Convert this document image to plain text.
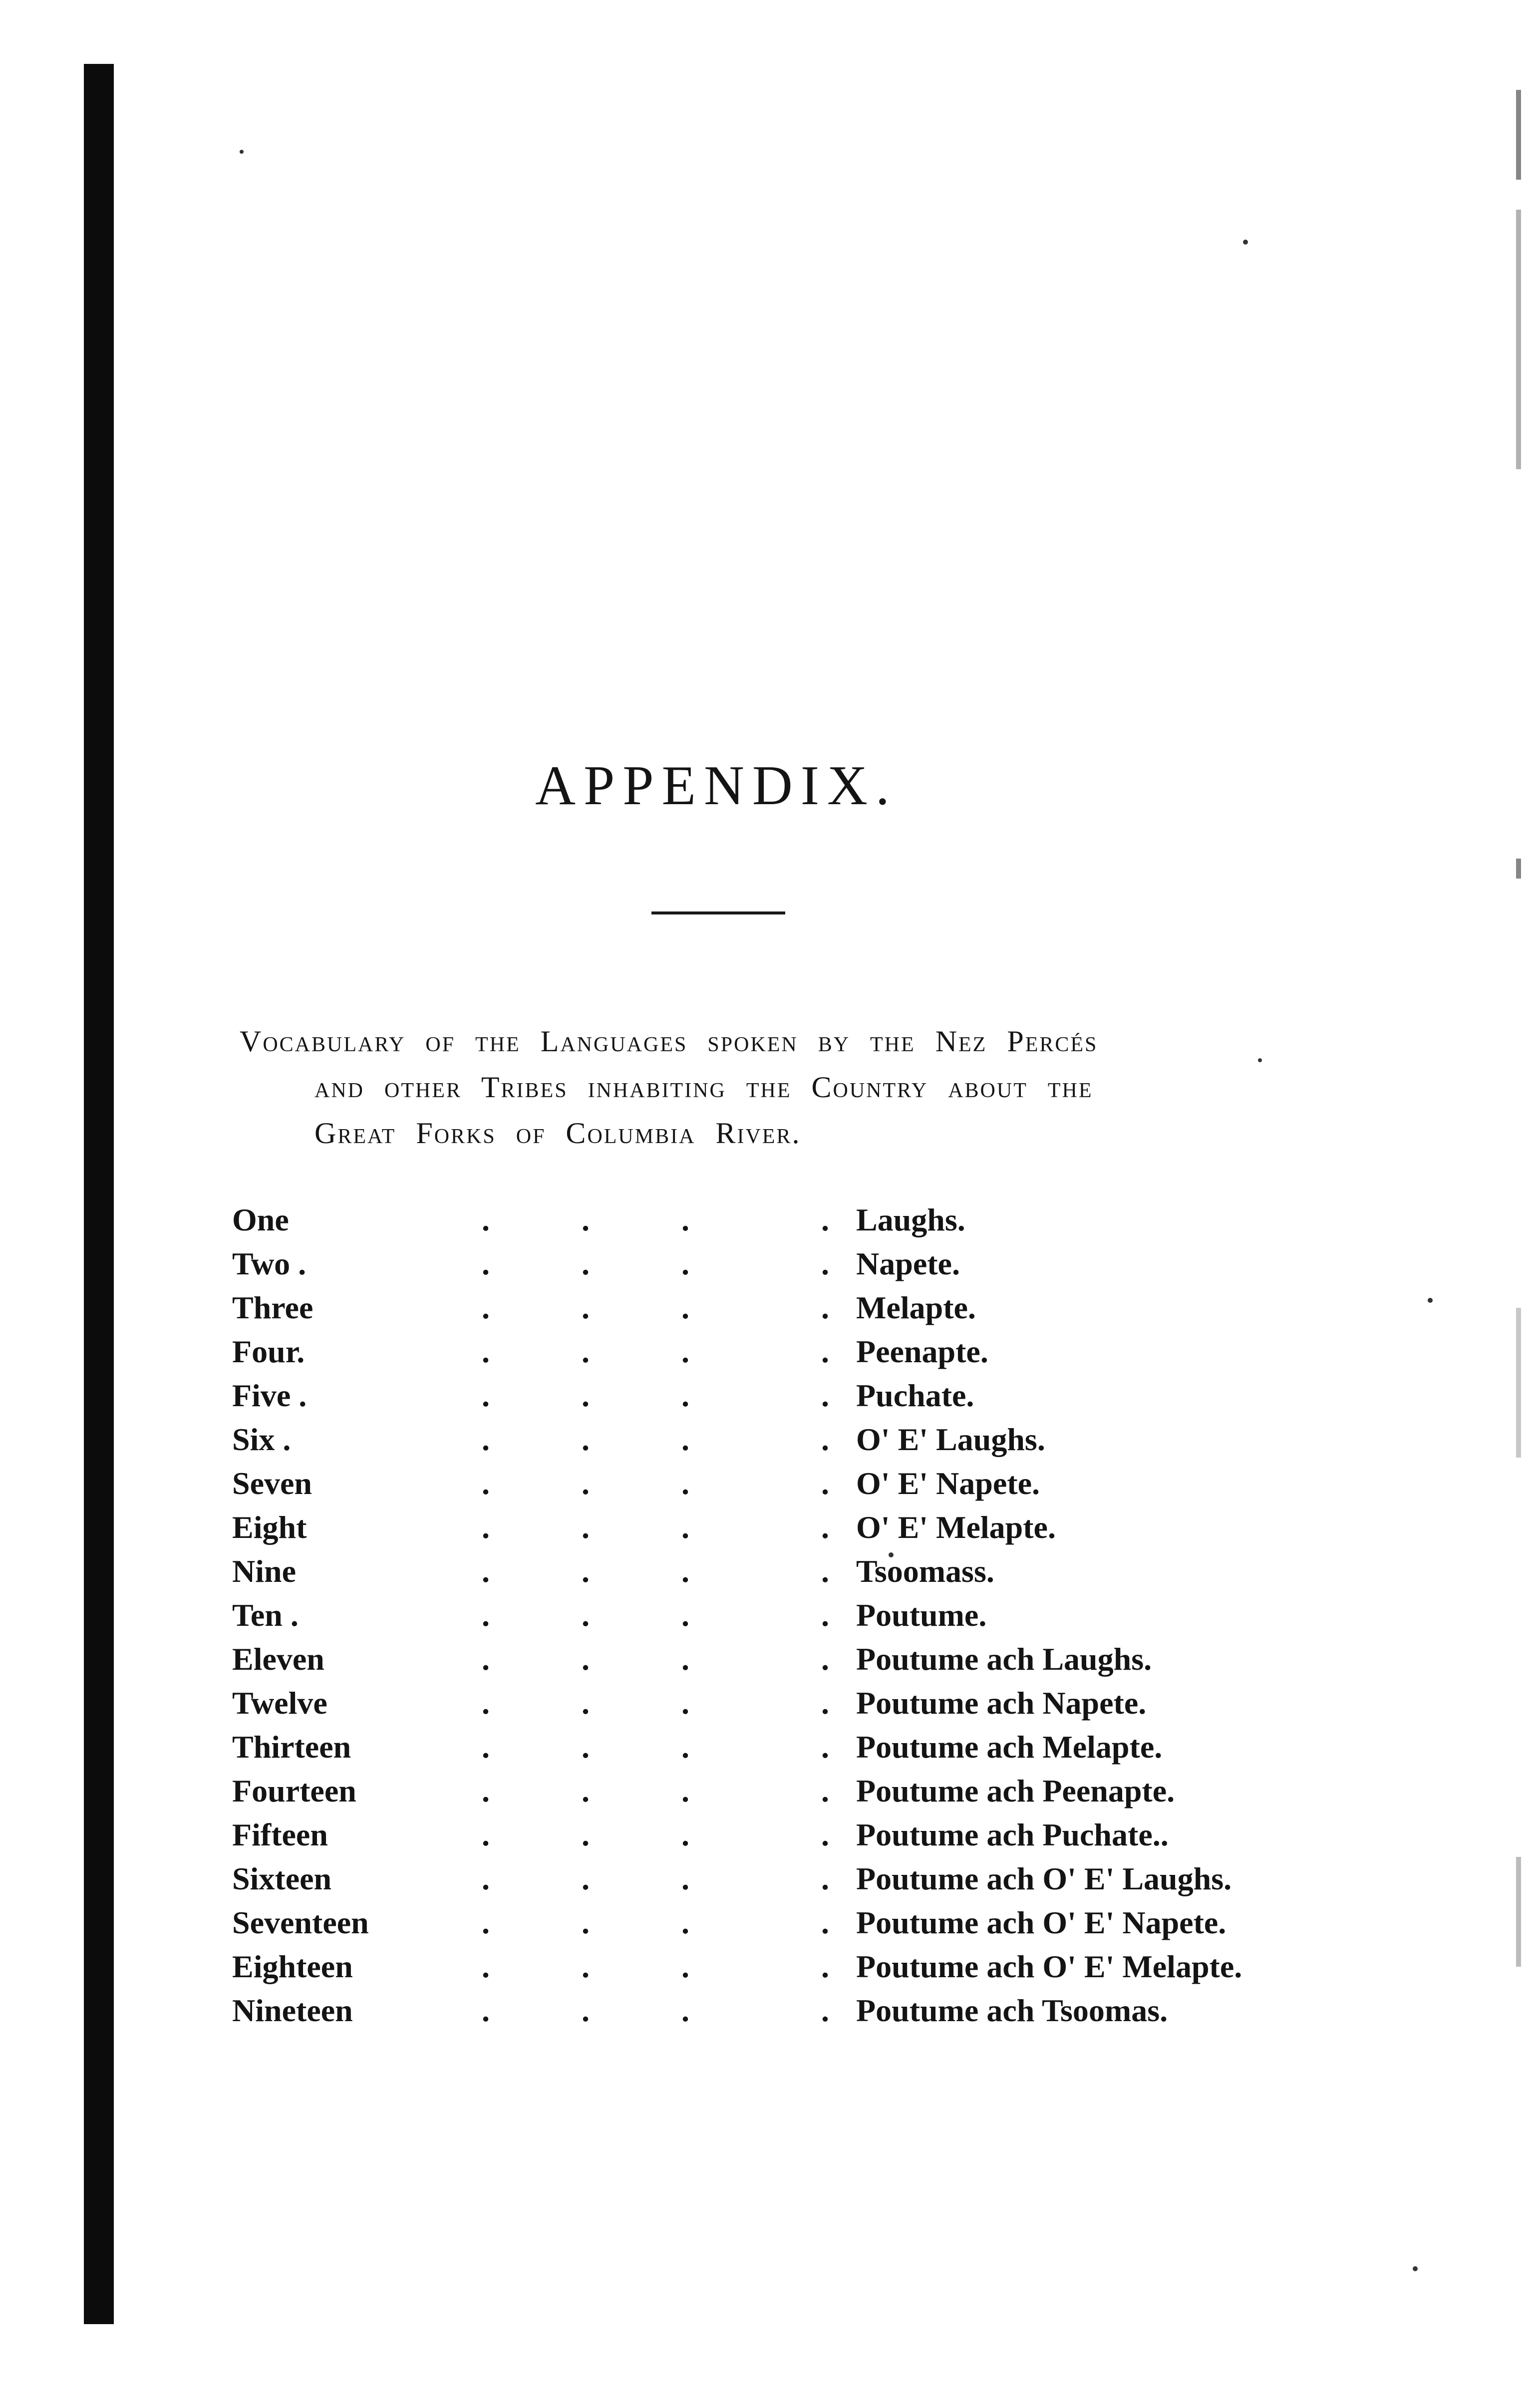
APPENDIX.

Vocabulary of the Languages spoken by the Nez Percés
and other Tribes inhabiting the Country about the
Great Forks of Columbia River.

One	.	.	.	. Laughs.
Two .	.	.	.	. Napete.
Three	.	.	.	. Melapte.
Four.	.	.	.	. Peenapte.
Five .	.	.	.	. Puchate.
Six .	.	.	.	. O' E' Laughs.
Seven	.	.	.	. O' E' Napete.
Eight	.	.	.	. O' E' Melapte.
Nine	.	.	.	. Tsoomass.
Ten .	.	.	.	. Poutume.
Eleven	.	.	.	. Poutume ach Laughs.
Twelve	.	.	.	. Poutume ach Napete.
Thirteen	.	.	.	. Poutume ach Melapte.
Fourteen	.	.	.	. Poutume ach Peenapte.
Fifteen	.	.	.	. Poutume ach Puchate..
Sixteen	.	.	.	. Poutume ach O' E' Laughs.
Seventeen	.	.	.	. Poutume ach O' E' Napete.
Eighteen	.	.	.	. Poutume ach O' E' Melapte.
Nineteen	.	.	.	. Poutume ach Tsoomas.
